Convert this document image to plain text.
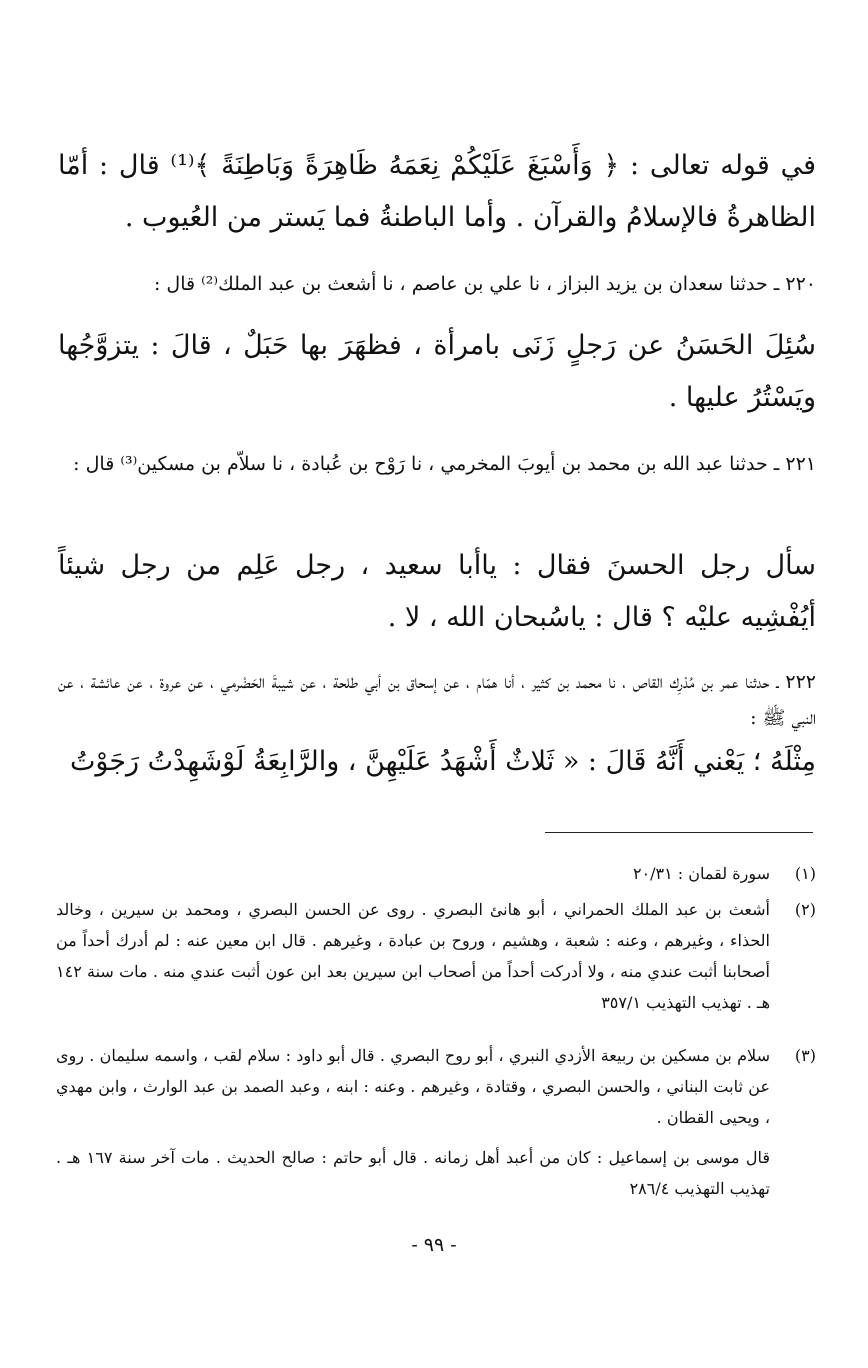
في قوله تعالى : ﴿ وَأَسْبَغَ عَلَيْكُمْ نِعَمَهُ ظَاهِرَةً وَبَاطِنَةً ﴾⁽¹⁾ قال : أمّا الظاهرةُ فالإسلامُ والقرآن . وأما الباطنةُ فما يَستر من العُيوب .
٢٢٠ ـ حدثنا سعدان بن يزيد البزاز ، نا علي بن عاصم ، نا أشعث بن عبد الملك⁽²⁾ قال :
سُئِلَ الحَسَنُ عن رَجلٍ زَنَى بامرأة ، فظهَرَ بها حَبَلٌ ، قالَ : يتزوَّجُها ويَسْتُرُ عليها .
٢٢١ ـ حدثنا عبد الله بن محمد بن أيوبَ المخرمي ، نا رَوْح بن عُبادة ، نا سلاّم بن مسكين⁽³⁾ قال :
سأل رجل الحسنَ فقال : ياأبا سعيد ، رجل عَلِم من رجل شيئاً أيُفْشِيه عليْه ؟ قال : ياسُبحان الله ، لا .
٢٢٢ ـ حدثنا عمر بن مُدْرِك القاص ، نا محمد بن كثير ، أنا همّام ، عن إسحاق بن أبي طلحة ، عن شيبةَ الحَضْرمي ، عن عروة ، عن عائشة ، عن النبي ﷺ :
مِثْلَهُ ؛ يَعْني أَنَّهُ قَالَ : « ثَلاثٌ أَشْهَدُ عَلَيْهِنَّ ، والرَّابِعَةُ لَوْشَهِدْتُ رَجَوْتُ
(١)
سورة لقمان : ٢٠/٣١
(٢)
أشعث بن عبد الملك الحمراني ، أبو هانئ البصري . روى عن الحسن البصري ، ومحمد بن سيرين ، وخالد الحذاء ، وغيرهم ، وعنه : شعبة ، وهشيم ، وروح بن عبادة ، وغيرهم . قال ابن معين عنه : لم أدرك أحداً من أصحابنا أثبت عندي منه ، ولا أدركت أحداً من أصحاب ابن سيرين بعد ابن عون أثبت عندي منه . مات سنة ١٤٢ هـ . تهذيب التهذيب ٣٥٧/١
(٣)
سلام بن مسكين بن ربيعة الأزدي النبري ، أبو روح البصري . قال أبو داود : سلام لقب ، واسمه سليمان . روى عن ثابت البناني ، والحسن البصري ، وقتادة ، وغيرهم . وعنه : ابنه ، وعبد الصمد بن عبد الوارث ، وابن مهدي ، ويحيى القطان .
قال موسى بن إسماعيل : كان من أعبد أهل زمانه . قال أبو حاتم : صالح الحديث . مات آخر سنة ١٦٧ هـ . تهذيب التهذيب ٢٨٦/٤
- ٩٩ -
